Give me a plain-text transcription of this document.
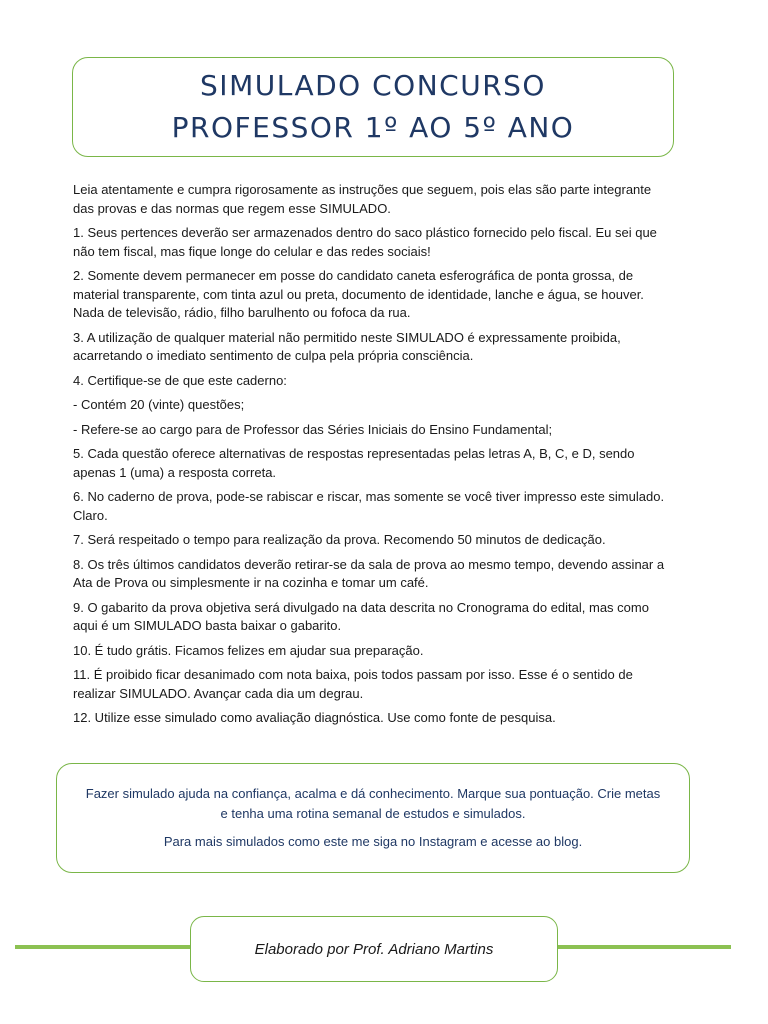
SIMULADO CONCURSO
PROFESSOR 1º AO 5º ANO

Leia atentamente e cumpra rigorosamente as instruções que seguem, pois elas são parte integrante das provas e das normas que regem esse SIMULADO.

1. Seus pertences deverão ser armazenados dentro do saco plástico fornecido pelo fiscal. Eu sei que não tem fiscal, mas fique longe do celular e das redes sociais!

2. Somente devem permanecer em posse do candidato caneta esferográfica de ponta grossa, de material transparente, com tinta azul ou preta, documento de identidade, lanche e água, se houver. Nada de televisão, rádio, filho barulhento ou fofoca da rua.

3. A utilização de qualquer material não permitido neste SIMULADO é expressamente proibida, acarretando o imediato sentimento de culpa pela própria consciência.

4. Certifique-se de que este caderno:

- Contém 20 (vinte) questões;

- Refere-se ao cargo para de Professor das Séries Iniciais do Ensino Fundamental;

5. Cada questão oferece alternativas de respostas representadas pelas letras A, B, C, e D, sendo apenas 1 (uma) a resposta correta.

6. No caderno de prova, pode-se rabiscar e riscar, mas somente se você tiver impresso este simulado. Claro.

7. Será respeitado o tempo para realização da prova. Recomendo 50 minutos de dedicação.

8. Os três últimos candidatos deverão retirar-se da sala de prova ao mesmo tempo, devendo assinar a Ata de Prova ou simplesmente ir na cozinha e tomar um café.

9. O gabarito da prova objetiva será divulgado na data descrita no Cronograma do edital, mas como aqui é um SIMULADO basta baixar o gabarito.

10. É tudo grátis. Ficamos felizes em ajudar sua preparação.

11. É proibido ficar desanimado com nota baixa, pois todos passam por isso. Esse é o sentido de realizar SIMULADO. Avançar cada dia um degrau.

12. Utilize esse simulado como avaliação diagnóstica. Use como fonte de pesquisa.

Fazer simulado ajuda na confiança, acalma e dá conhecimento. Marque sua pontuação. Crie metas e tenha uma rotina semanal de estudos e simulados.

Para mais simulados como este me siga no Instagram e acesse ao blog.

Elaborado por Prof. Adriano Martins
